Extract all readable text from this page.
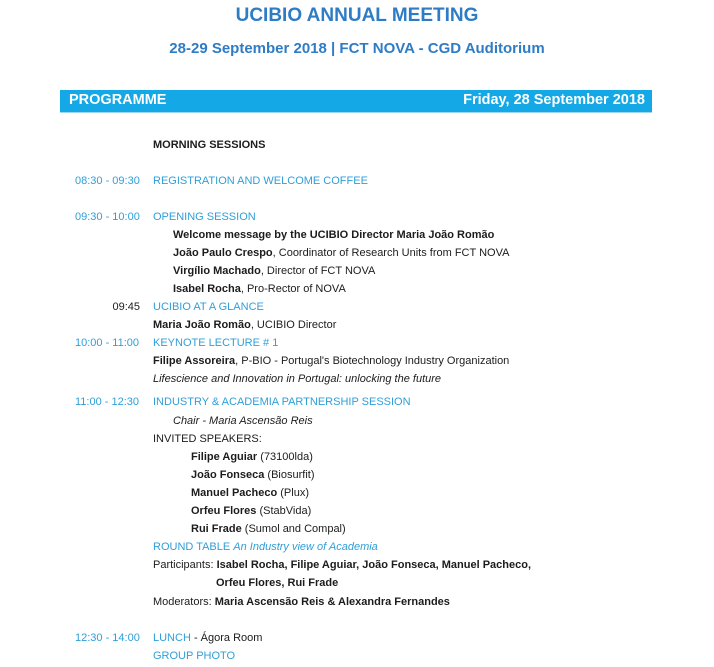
UCIBIO ANNUAL MEETING
28-29 September 2018 | FCT NOVA - CGD Auditorium
PROGRAMME	Friday, 28 September 2018
MORNING SESSIONS
08:30 - 09:30 REGISTRATION AND WELCOME COFFEE
09:30 - 10:00 OPENING SESSION
Welcome message by the UCIBIO Director Maria João Romão
João Paulo Crespo, Coordinator of Research Units from FCT NOVA
Virgílio Machado, Director of FCT NOVA
Isabel Rocha, Pro-Rector of NOVA
09:45 UCIBIO AT A GLANCE
Maria João Romão, UCIBIO Director
10:00 - 11:00 KEYNOTE LECTURE # 1
Filipe Assoreira, P-BIO - Portugal's Biotechnology Industry Organization
Lifescience and Innovation in Portugal: unlocking the future
11:00 - 12:30 INDUSTRY & ACADEMIA PARTNERSHIP SESSION
Chair - Maria Ascensão Reis
INVITED SPEAKERS:
Filipe Aguiar (73100lda)
João Fonseca (Biosurfit)
Manuel Pacheco (Plux)
Orfeu Flores (StabVida)
Rui Frade (Sumol and Compal)
ROUND TABLE An Industry view of Academia
Participants: Isabel Rocha, Filipe Aguiar, João Fonseca, Manuel Pacheco,
Orfeu Flores, Rui Frade
Moderators: Maria Ascensão Reis & Alexandra Fernandes
12:30 - 14:00 LUNCH - Ágora Room
GROUP PHOTO
